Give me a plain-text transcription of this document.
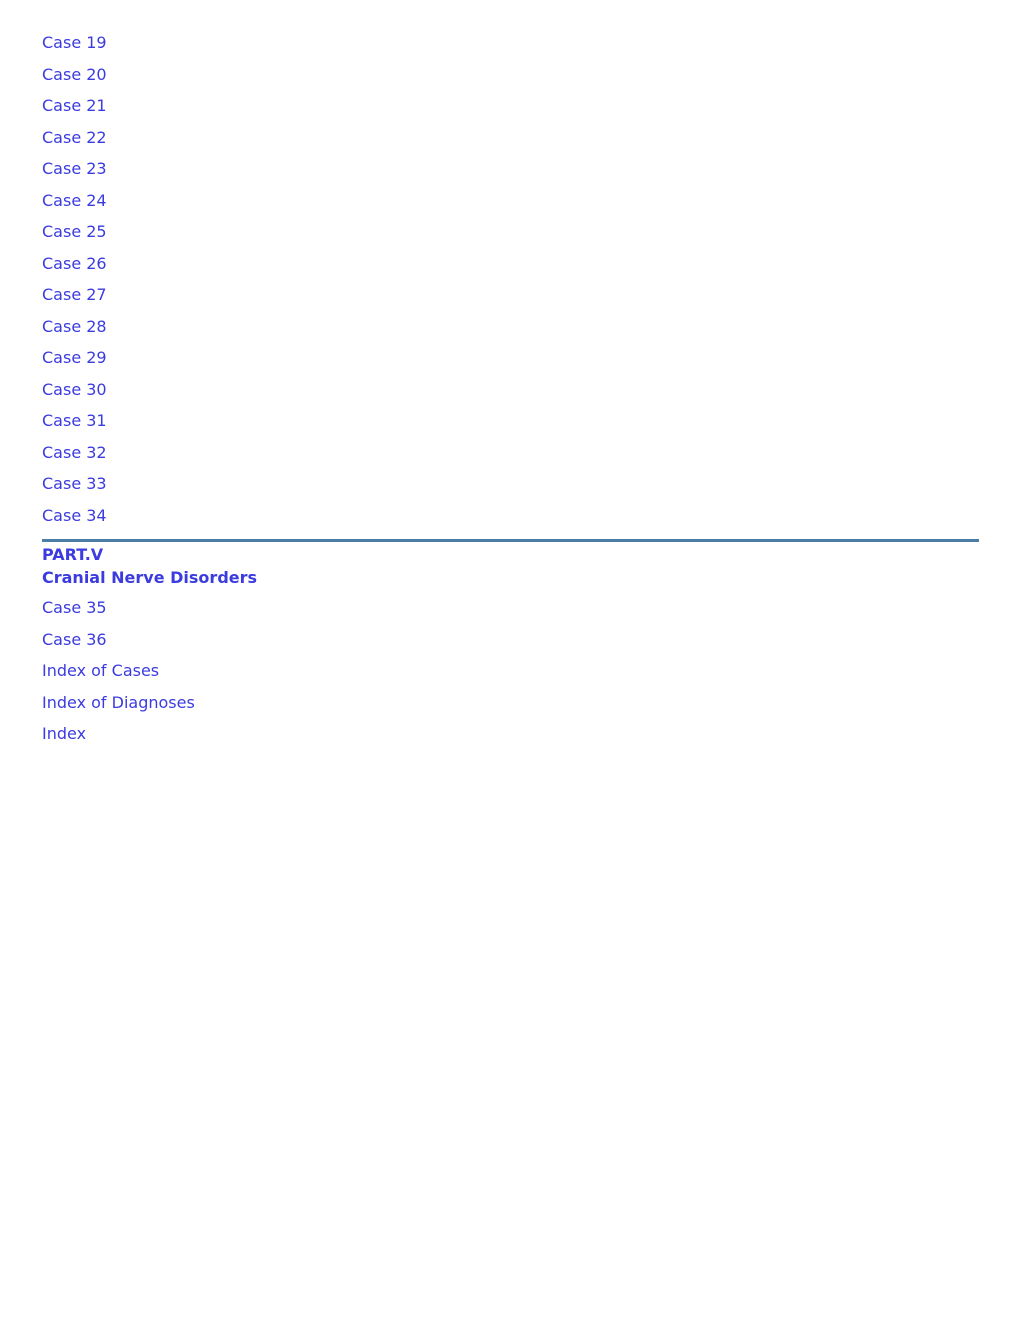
Case 19
Case 20
Case 21
Case 22
Case 23
Case 24
Case 25
Case 26
Case 27
Case 28
Case 29
Case 30
Case 31
Case 32
Case 33
Case 34
PART.V
Cranial Nerve Disorders
Case 35
Case 36
Index of Cases
Index of Diagnoses
Index
